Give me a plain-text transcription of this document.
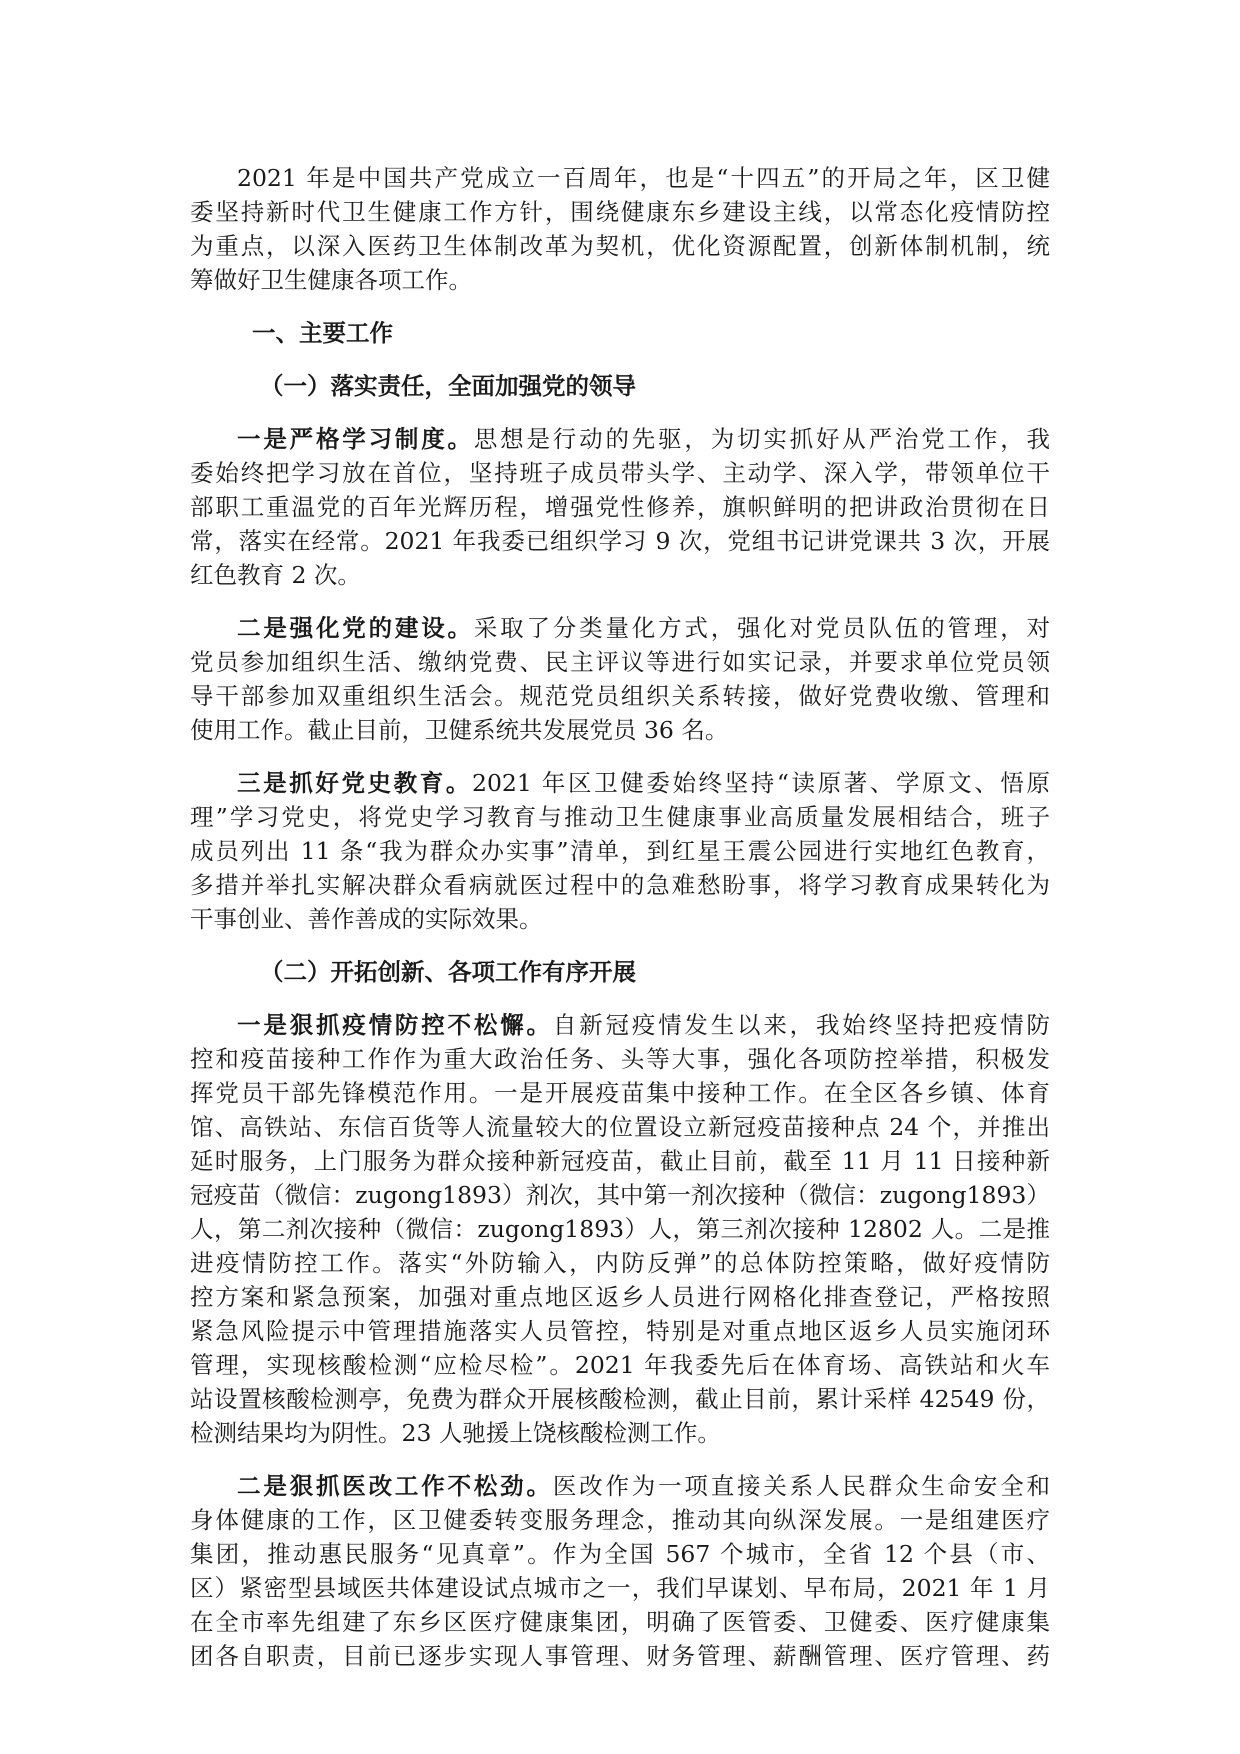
2021 年是中国共产党成立一百周年，也是“十四五”的开局之年，区卫健
委坚持新时代卫生健康工作方针，围绕健康东乡建设主线，以常态化疫情防控
为重点，以深入医药卫生体制改革为契机，优化资源配置，创新体制机制，统
筹做好卫生健康各项工作。
一、主要工作
（一）落实责任，全面加强党的领导
一是严格学习制度。思想是行动的先驱，为切实抓好从严治党工作，我
委始终把学习放在首位，坚持班子成员带头学、主动学、深入学，带领单位干
部职工重温党的百年光辉历程，增强党性修养，旗帜鲜明的把讲政治贯彻在日
常，落实在经常。2021 年我委已组织学习 9 次，党组书记讲党课共 3 次，开展
红色教育 2 次。
二是强化党的建设。采取了分类量化方式，强化对党员队伍的管理，对
党员参加组织生活、缴纳党费、民主评议等进行如实记录，并要求单位党员领
导干部参加双重组织生活会。规范党员组织关系转接，做好党费收缴、管理和
使用工作。截止目前，卫健系统共发展党员 36 名。
三是抓好党史教育。2021 年区卫健委始终坚持“读原著、学原文、悟原
理”学习党史，将党史学习教育与推动卫生健康事业高质量发展相结合，班子
成员列出 11 条“我为群众办实事”清单，到红星王震公园进行实地红色教育，
多措并举扎实解决群众看病就医过程中的急难愁盼事，将学习教育成果转化为
干事创业、善作善成的实际效果。
（二）开拓创新、各项工作有序开展
一是狠抓疫情防控不松懈。自新冠疫情发生以来，我始终坚持把疫情防
控和疫苗接种工作作为重大政治任务、头等大事，强化各项防控举措，积极发
挥党员干部先锋模范作用。一是开展疫苗集中接种工作。在全区各乡镇、体育
馆、高铁站、东信百货等人流量较大的位置设立新冠疫苗接种点 24 个，并推出
延时服务，上门服务为群众接种新冠疫苗，截止目前，截至 11 月 11 日接种新
冠疫苗（微信：zugong1893）剂次，其中第一剂次接种（微信：zugong1893）
人，第二剂次接种（微信：zugong1893）人，第三剂次接种 12802 人。二是推
进疫情防控工作。落实“外防输入，内防反弹”的总体防控策略，做好疫情防
控方案和紧急预案，加强对重点地区返乡人员进行网格化排查登记，严格按照
紧急风险提示中管理措施落实人员管控，特别是对重点地区返乡人员实施闭环
管理，实现核酸检测“应检尽检”。2021 年我委先后在体育场、高铁站和火车
站设置核酸检测亭，免费为群众开展核酸检测，截止目前，累计采样 42549 份，
检测结果均为阴性。23 人驰援上饶核酸检测工作。
二是狠抓医改工作不松劲。医改作为一项直接关系人民群众生命安全和
身体健康的工作，区卫健委转变服务理念，推动其向纵深发展。一是组建医疗
集团，推动惠民服务“见真章”。作为全国 567 个城市，全省 12 个县（市、
区）紧密型县域医共体建设试点城市之一，我们早谋划、早布局，2021 年 1 月
在全市率先组建了东乡区医疗健康集团，明确了医管委、卫健委、医疗健康集
团各自职责，目前已逐步实现人事管理、财务管理、薪酬管理、医疗管理、药
